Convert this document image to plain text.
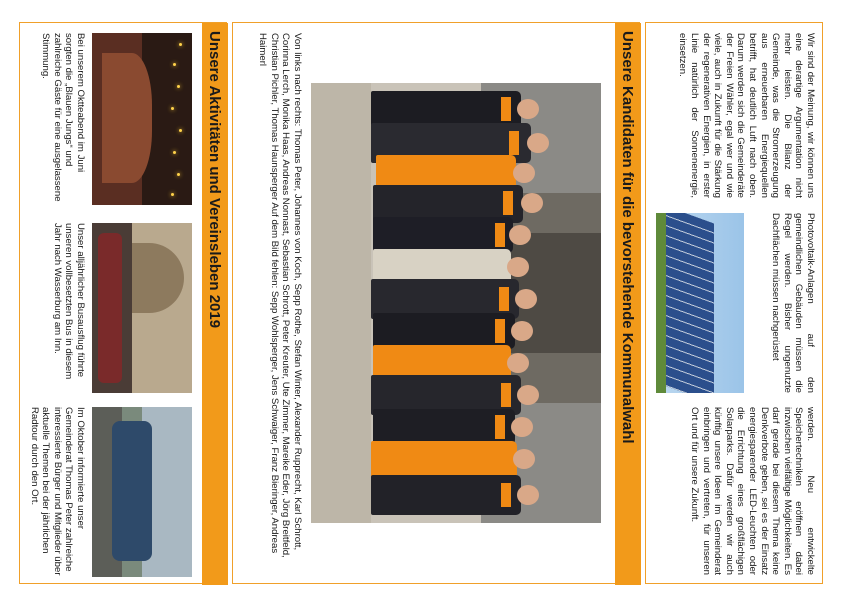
Wir sind der Meinung, wir können uns eine derartige Argumentation nicht mehr leisten. Die Bilanz der Gemeinde, was die Stromerzeugung aus erneuerbaren Energiequellen betrifft, hat deutlich Luft nach oben. Darum werden sich die Gemeinderäte der Freien Wähler, egal wer und wie viele, auch in Zukunft für die Stärkung der regenerativen Energien, in erster Linie natürlich der Sonnenenergie, einsetzen.
Photovoltaik-Anlagen auf den gemeindlichen Gebäuden müssen die Regel werden. Bisher ungenutzte Dachflächen müssen nachgerüstet
werden. Neu entwickelte Speichertechniken eröffnen dabei inzwischen vielfältige Möglichkeiten. Es darf gerade bei diesem Thema keine Denkverbote geben, sei es der Einsatz energiesparender LED-Leuchten oder die Errichtung eines großflächigen Solarparks. Dafür werden wir auch künftig unsere Ideen im Gemeinderat einbringen und vertreten, für unseren Ort und für unsere Zukunft.
Unsere Kandidaten für die bevorstehende Kommunalwahl
Von links nach rechts: Thomas Peter, Johannes von Koch, Sepp Rothe, Stefan Winter, Alexander Rupprecht, Karl Schrott, Corinna Lerch, Monika Haas, Andreas Nonnast, Sebastian Schrott, Peter Kreuter, Ute Zimmer, Mareike Eder, Jörg Breitfeld, Christian Pichler, Thomas Haunsperger Auf dem Bild fehlen: Sepp Wohlsperger, Jens Schwaiger, Franz Bieringer, Andreas Haimerl
Unsere Aktivitäten und Vereinsleben 2019
Bei unserem Oktteabend im Juni sorgten die „Blauen Jungs“ und zahlreiche Gäste für eine ausgelassene Stimmung.
Unser alljährlicher Busausflug führte unseren vollbesetzten Bus in diesem Jahr nach Wasserburg am Inn.
Im Oktober informierte unser Gemeinderat Thomas Peter zahlreiche interessierte Bürger und Mitglieder über aktuelle Themen bei der jährlichen Radtour durch den Ort.
